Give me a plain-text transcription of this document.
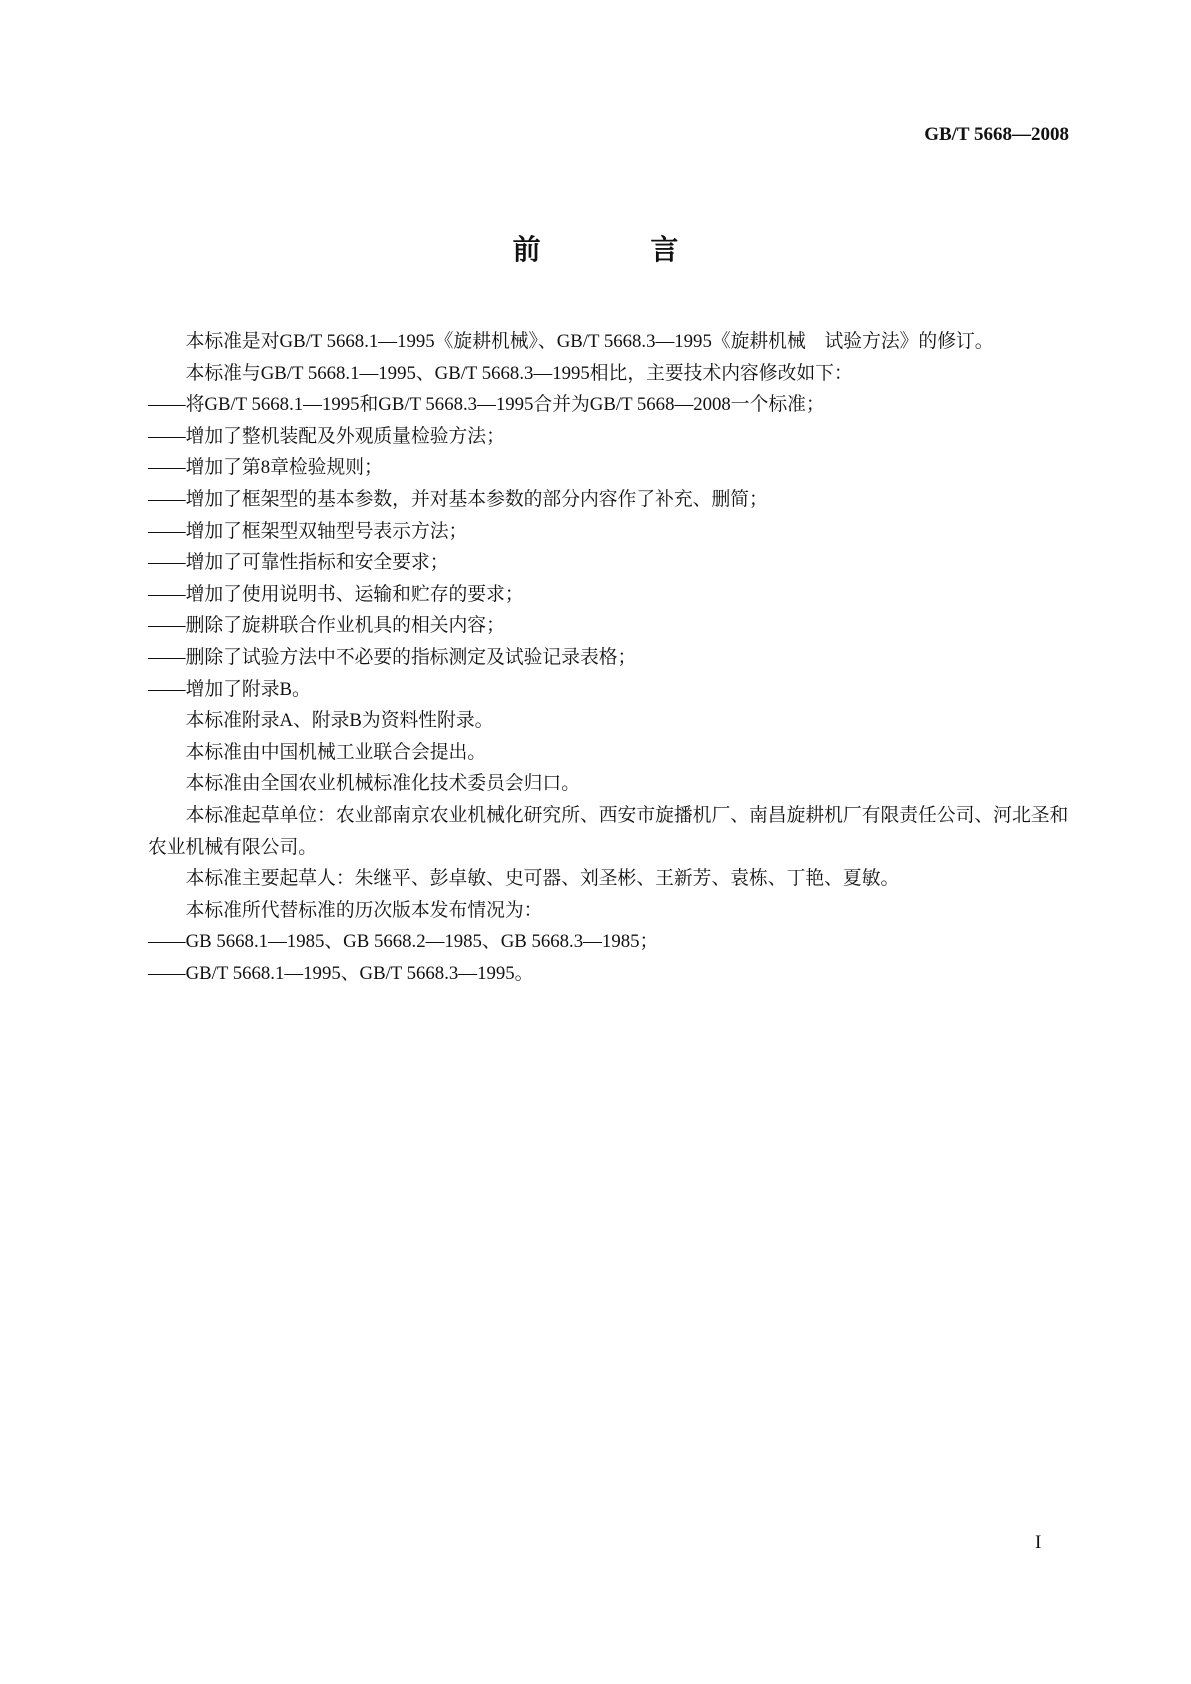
GB/T 5668—2008
前 言

本标准是对GB/T 5668.1—1995《旋耕机械》、GB/T 5668.3—1995《旋耕机械　试验方法》的修订。

本标准与GB/T 5668.1—1995、GB/T 5668.3—1995相比，主要技术内容修改如下：

——将GB/T 5668.1—1995和GB/T 5668.3—1995合并为GB/T 5668—2008一个标准；

——增加了整机装配及外观质量检验方法；

——增加了第8章检验规则；

——增加了框架型的基本参数，并对基本参数的部分内容作了补充、删简；

——增加了框架型双轴型号表示方法；

——增加了可靠性指标和安全要求；

——增加了使用说明书、运输和贮存的要求；

——删除了旋耕联合作业机具的相关内容；

——删除了试验方法中不必要的指标测定及试验记录表格；

——增加了附录B。

本标准附录A、附录B为资料性附录。

本标准由中国机械工业联合会提出。

本标准由全国农业机械标准化技术委员会归口。

本标准起草单位：农业部南京农业机械化研究所、西安市旋播机厂、南昌旋耕机厂有限责任公司、河北圣和农业机械有限公司。

本标准主要起草人：朱继平、彭卓敏、史可器、刘圣彬、王新芳、袁栋、丁艳、夏敏。

本标准所代替标准的历次版本发布情况为：

——GB 5668.1—1985、GB 5668.2—1985、GB 5668.3—1985；

——GB/T 5668.1—1995、GB/T 5668.3—1995。

I
